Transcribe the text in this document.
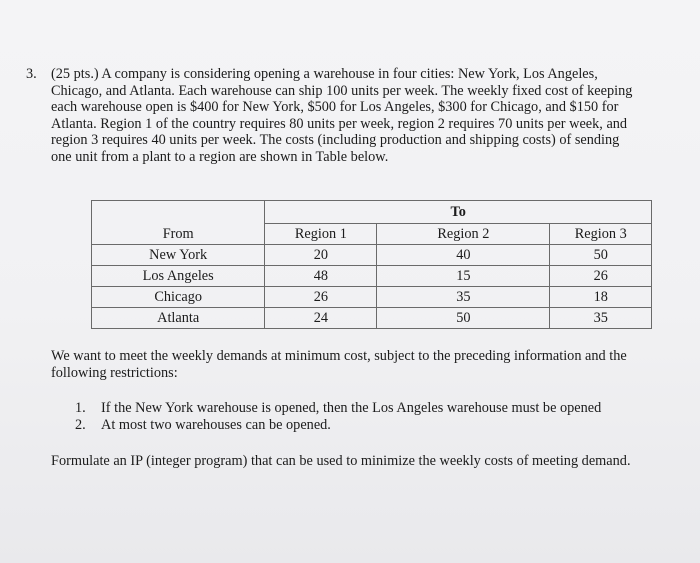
3. (25 pts.) A company is considering opening a warehouse in four cities: New York, Los Angeles,
Chicago, and Atlanta. Each warehouse can ship 100 units per week. The weekly fixed cost of keeping
each warehouse open is $400 for New York, $500 for Los Angeles, $300 for Chicago, and $150 for
Atlanta. Region 1 of the country requires 80 units per week, region 2 requires 70 units per week, and
region 3 requires 40 units per week. The costs (including production and shipping costs) of sending
one unit from a plant to a region are shown in Table below.
	To		
From	Region 1	Region 2	Region 3
New York	20	40	50
Los Angeles	48	15	26
Chicago	26	35	18
Atlanta	24	50	35
We want to meet the weekly demands at minimum cost, subject to the preceding information and the
following restrictions:
1. If the New York warehouse is opened, then the Los Angeles warehouse must be opened
2. At most two warehouses can be opened.
Formulate an IP (integer program) that can be used to minimize the weekly costs of meeting demand.
